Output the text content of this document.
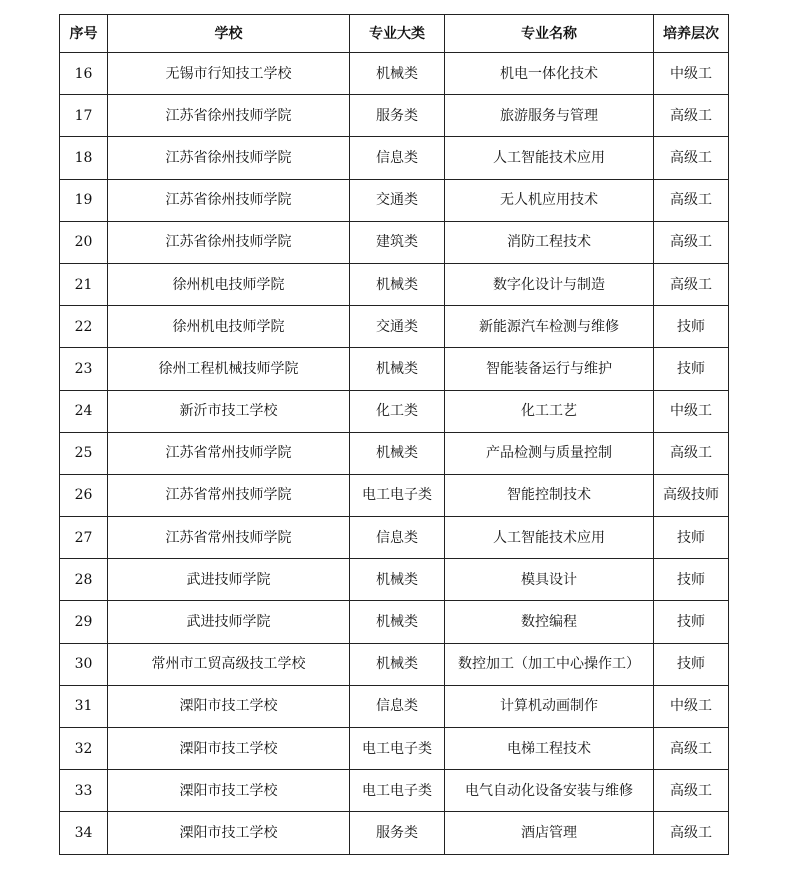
序号	学校	专业大类	专业名称	培养层次
16	无锡市行知技工学校	机械类	机电一体化技术	中级工
17	江苏省徐州技师学院	服务类	旅游服务与管理	高级工
18	江苏省徐州技师学院	信息类	人工智能技术应用	高级工
19	江苏省徐州技师学院	交通类	无人机应用技术	高级工
20	江苏省徐州技师学院	建筑类	消防工程技术	高级工
21	徐州机电技师学院	机械类	数字化设计与制造	高级工
22	徐州机电技师学院	交通类	新能源汽车检测与维修	技师
23	徐州工程机械技师学院	机械类	智能装备运行与维护	技师
24	新沂市技工学校	化工类	化工工艺	中级工
25	江苏省常州技师学院	机械类	产品检测与质量控制	高级工
26	江苏省常州技师学院	电工电子类	智能控制技术	高级技师
27	江苏省常州技师学院	信息类	人工智能技术应用	技师
28	武进技师学院	机械类	模具设计	技师
29	武进技师学院	机械类	数控编程	技师
30	常州市工贸高级技工学校	机械类	数控加工（加工中心操作工）	技师
31	溧阳市技工学校	信息类	计算机动画制作	中级工
32	溧阳市技工学校	电工电子类	电梯工程技术	高级工
33	溧阳市技工学校	电工电子类	电气自动化设备安装与维修	高级工
34	溧阳市技工学校	服务类	酒店管理	高级工
